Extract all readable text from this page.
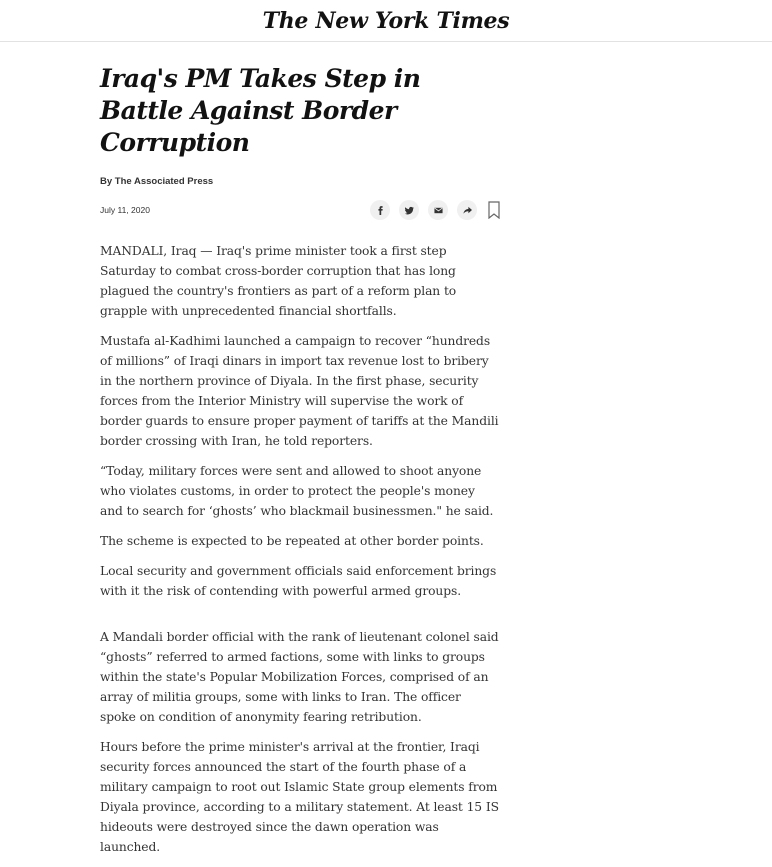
The New York Times
Iraq's PM Takes Step in Battle Against Border Corruption
By The Associated Press
July 11, 2020

MANDALI, Iraq — Iraq's prime minister took a first step Saturday to combat cross-border corruption that has long plagued the country's frontiers as part of a reform plan to grapple with unprecedented financial shortfalls.

Mustafa al-Kadhimi launched a campaign to recover “hundreds of millions” of Iraqi dinars in import tax revenue lost to bribery in the northern province of Diyala. In the first phase, security forces from the Interior Ministry will supervise the work of border guards to ensure proper payment of tariffs at the Mandili border crossing with Iran, he told reporters.

“Today, military forces were sent and allowed to shoot anyone who violates customs, in order to protect the people's money and to search for ‘ghosts’ who blackmail businessmen." he said.

The scheme is expected to be repeated at other border points.

Local security and government officials said enforcement brings with it the risk of contending with powerful armed groups.

A Mandali border official with the rank of lieutenant colonel said “ghosts” referred to armed factions, some with links to groups within the state's Popular Mobilization Forces, comprised of an array of militia groups, some with links to Iran. The officer spoke on condition of anonymity fearing retribution.

Hours before the prime minister's arrival at the frontier, Iraqi security forces announced the start of the fourth phase of a military campaign to root out Islamic State group elements from Diyala province, according to a military statement. At least 15 IS hideouts were destroyed since the dawn operation was launched.
